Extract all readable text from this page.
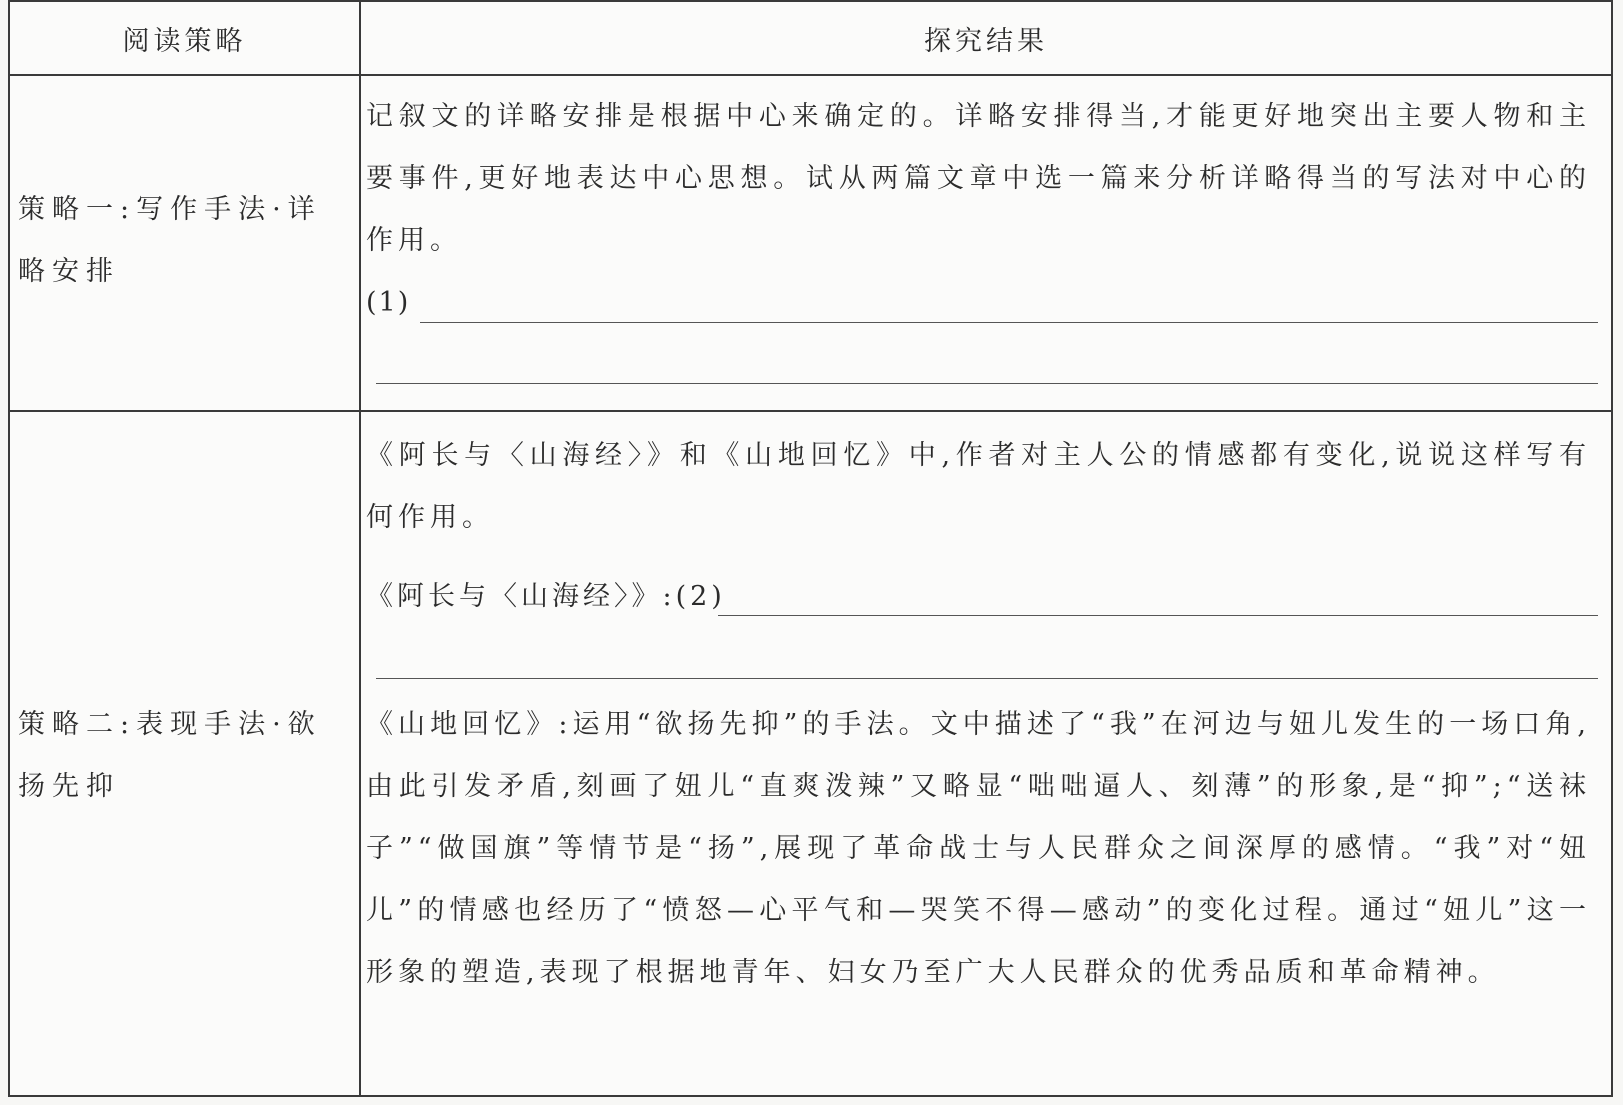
阅读策略	探究结果
策略一:写作手法·详略安排

记叙文的详略安排是根据中心来确定的。详略安排得当,才能更好地突出主要人物和主要事件,更好地表达中心思想。试从两篇文章中选一篇来分析详略得当的写法对中心的作用。

(1)
策略二:表现手法·欲扬先抑

《阿长与〈山海经〉》和《山地回忆》中,作者对主人公的情感都有变化,说说这样写有何作用。

《阿长与〈山海经〉》:(2)

《山地回忆》:运用“欲扬先抑”的手法。文中描述了“我”在河边与妞儿发生的一场口角,由此引发矛盾,刻画了妞儿“直爽泼辣”又略显“咄咄逼人、刻薄”的形象,是“抑”;“送袜子”“做国旗”等情节是“扬”,展现了革命战士与人民群众之间深厚的感情。“我”对“妞儿”的情感也经历了“愤怒—心平气和—哭笑不得—感动”的变化过程。通过“妞儿”这一形象的塑造,表现了根据地青年、妇女乃至广大人民群众的优秀品质和革命精神。
